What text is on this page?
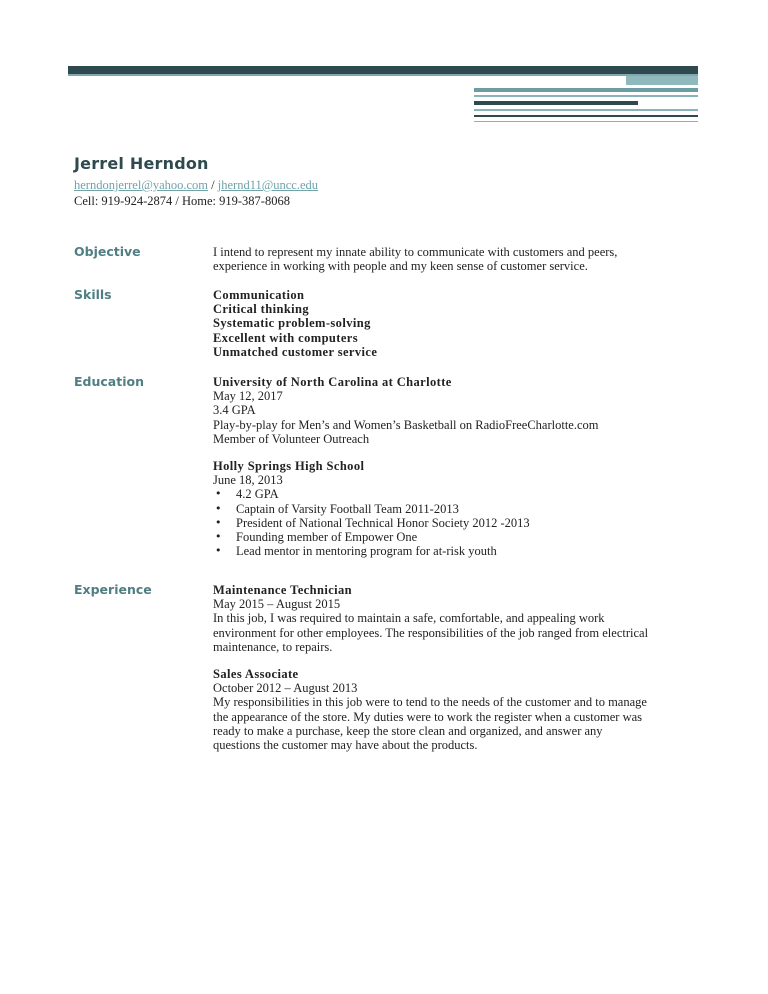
Jerrel Herndon
herndonjerrel@yahoo.com / jhernd11@uncc.edu
Cell: 919-924-2874 / Home: 919-387-8068
Objective	I intend to represent my innate ability to communicate with customers and peers,
experience in working with people and my keen sense of customer service.
Skills	Communication
Critical thinking
Systematic problem-solving
Excellent with computers
Unmatched customer service
Education	University of North Carolina at Charlotte
May 12, 2017
3.4 GPA
Play-by-play for Men’s and Women’s Basketball on RadioFreeCharlotte.com
Member of Volunteer Outreach
Holly Springs High School
June 18, 2013
• 4.2 GPA
• Captain of Varsity Football Team 2011-2013
• President of National Technical Honor Society 2012 -2013
• Founding member of Empower One
• Lead mentor in mentoring program for at-risk youth
Experience	Maintenance Technician
May 2015 – August 2015
In this job, I was required to maintain a safe, comfortable, and appealing work
environment for other employees. The responsibilities of the job ranged from electrical
maintenance, to repairs.
Sales Associate
October 2012 – August 2013
My responsibilities in this job were to tend to the needs of the customer and to manage
the appearance of the store. My duties were to work the register when a customer was
ready to make a purchase, keep the store clean and organized, and answer any
questions the customer may have about the products.
